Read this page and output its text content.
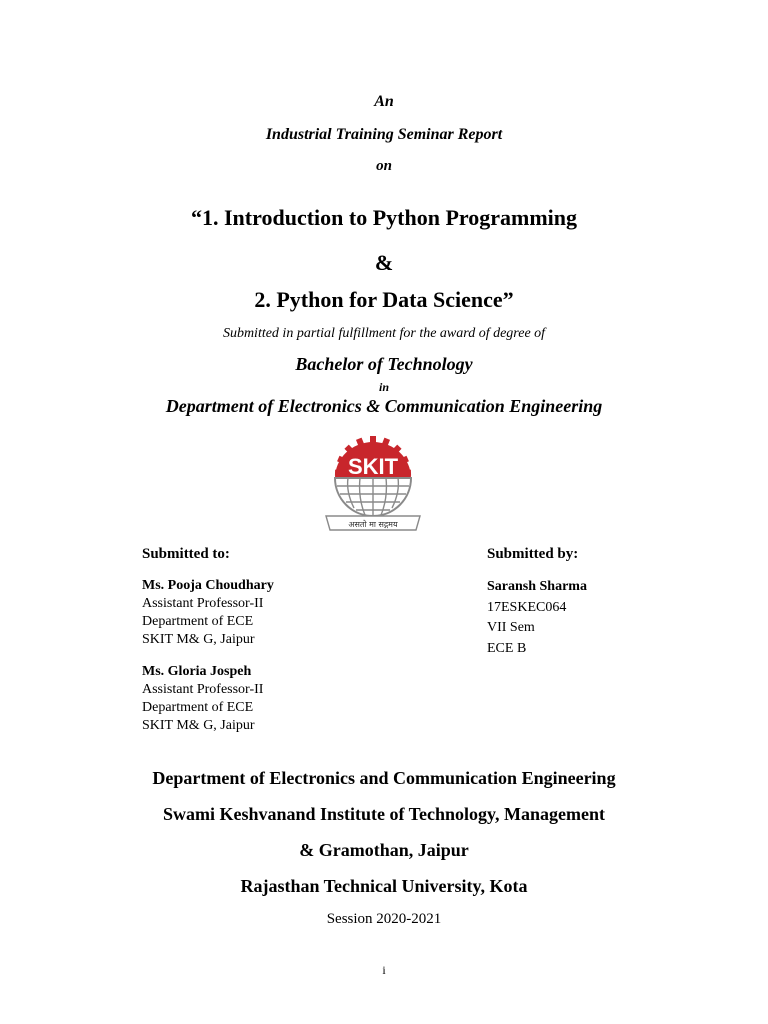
An
Industrial Training Seminar Report
on
“1. Introduction to Python Programming
&
2. Python for Data Science”
Submitted in partial fulfillment for the award of degree of
Bachelor of Technology
in
Department of Electronics & Communication Engineering
SKIT
असतो मा सद्गमय
Submitted to:
Ms. Pooja Choudhary
Assistant Professor-II
Department of ECE
SKIT M& G, Jaipur
Ms. Gloria Jospeh
Assistant Professor-II
Department of ECE
SKIT M& G, Jaipur
Submitted by:
Saransh Sharma
17ESKEC064
VII Sem
ECE B
Department of Electronics and Communication Engineering
Swami Keshvanand Institute of Technology, Management
& Gramothan, Jaipur
Rajasthan Technical University, Kota
Session 2020-2021
i
